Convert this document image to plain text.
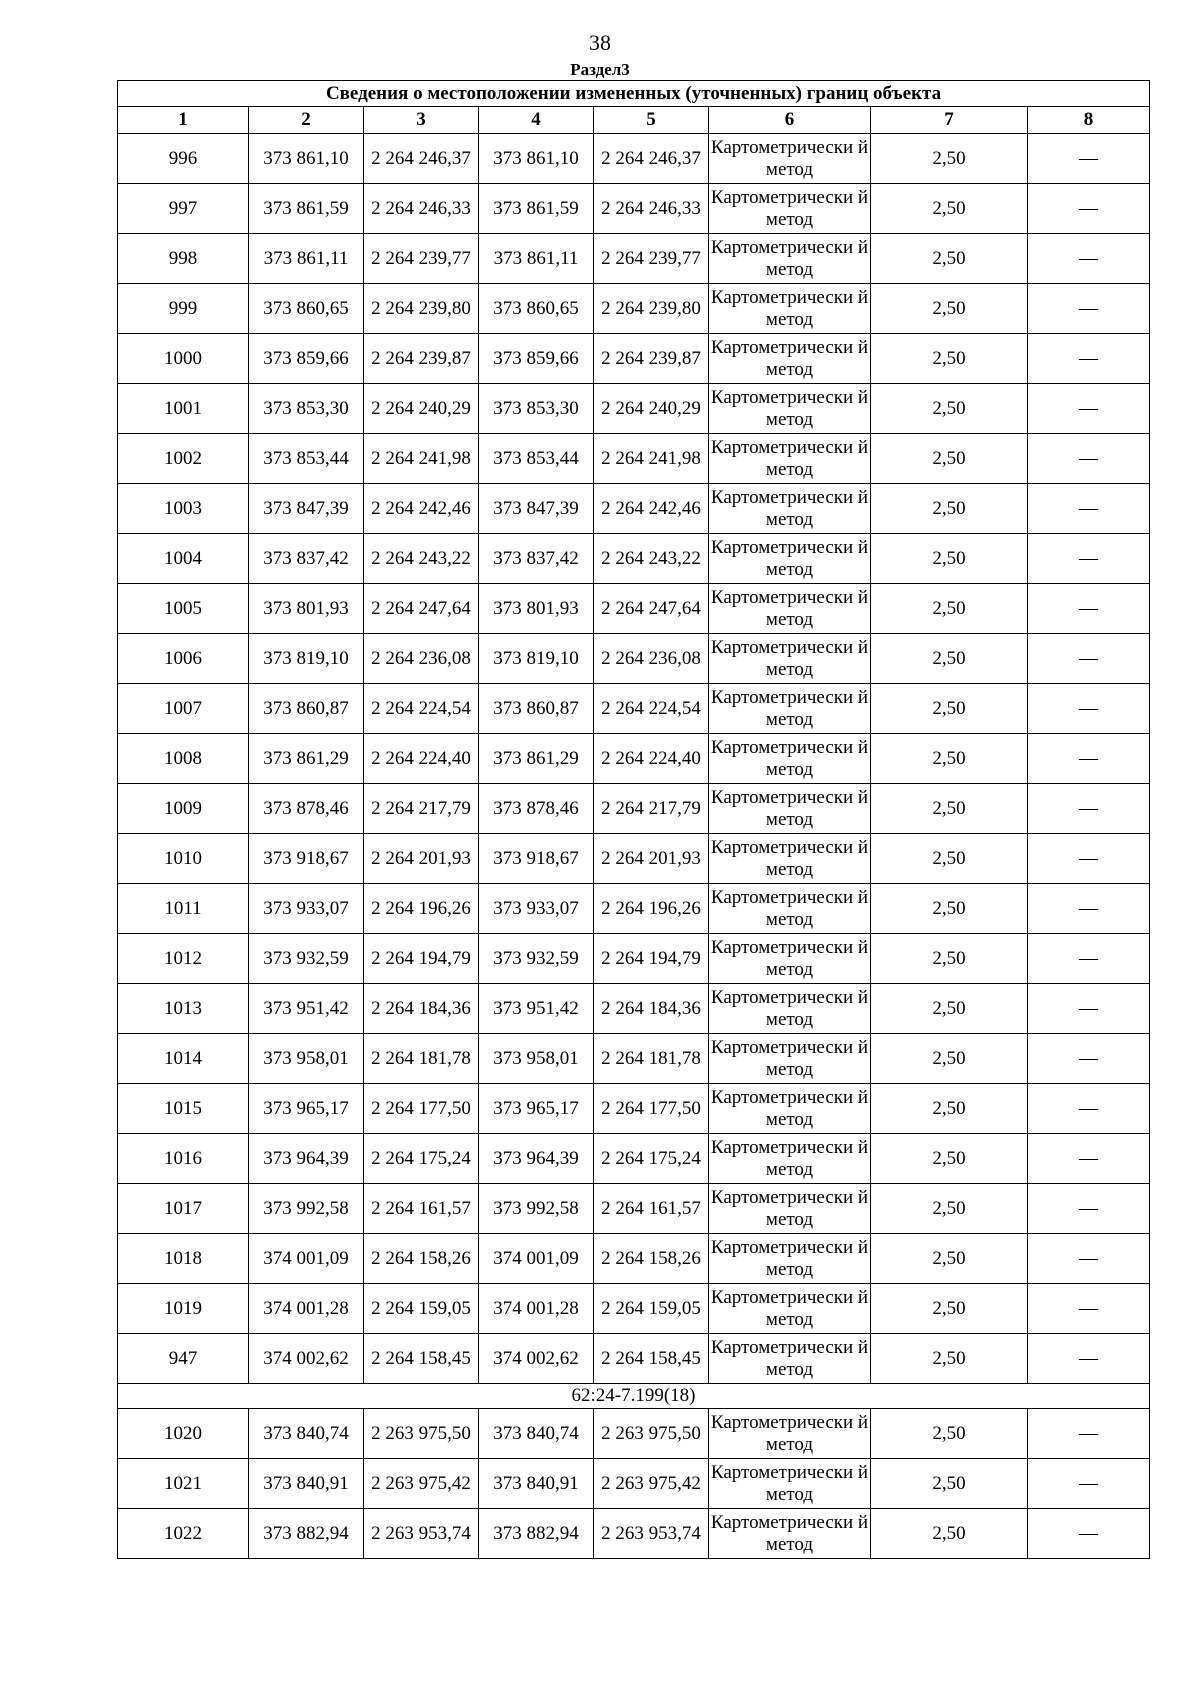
38
Раздел3
Сведения о местоположении измененных (уточненных) границ объекта							
1	2	3	4	5	6	7	8
996	373 861,10	2 264 246,37	373 861,10	2 264 246,37	Картометрически й метод	2,50	—
997	373 861,59	2 264 246,33	373 861,59	2 264 246,33	Картометрически й метод	2,50	—
998	373 861,11	2 264 239,77	373 861,11	2 264 239,77	Картометрически й метод	2,50	—
999	373 860,65	2 264 239,80	373 860,65	2 264 239,80	Картометрически й метод	2,50	—
1000	373 859,66	2 264 239,87	373 859,66	2 264 239,87	Картометрически й метод	2,50	—
1001	373 853,30	2 264 240,29	373 853,30	2 264 240,29	Картометрически й метод	2,50	—
1002	373 853,44	2 264 241,98	373 853,44	2 264 241,98	Картометрически й метод	2,50	—
1003	373 847,39	2 264 242,46	373 847,39	2 264 242,46	Картометрически й метод	2,50	—
1004	373 837,42	2 264 243,22	373 837,42	2 264 243,22	Картометрически й метод	2,50	—
1005	373 801,93	2 264 247,64	373 801,93	2 264 247,64	Картометрически й метод	2,50	—
1006	373 819,10	2 264 236,08	373 819,10	2 264 236,08	Картометрически й метод	2,50	—
1007	373 860,87	2 264 224,54	373 860,87	2 264 224,54	Картометрически й метод	2,50	—
1008	373 861,29	2 264 224,40	373 861,29	2 264 224,40	Картометрически й метод	2,50	—
1009	373 878,46	2 264 217,79	373 878,46	2 264 217,79	Картометрически й метод	2,50	—
1010	373 918,67	2 264 201,93	373 918,67	2 264 201,93	Картометрически й метод	2,50	—
1011	373 933,07	2 264 196,26	373 933,07	2 264 196,26	Картометрически й метод	2,50	—
1012	373 932,59	2 264 194,79	373 932,59	2 264 194,79	Картометрически й метод	2,50	—
1013	373 951,42	2 264 184,36	373 951,42	2 264 184,36	Картометрически й метод	2,50	—
1014	373 958,01	2 264 181,78	373 958,01	2 264 181,78	Картометрически й метод	2,50	—
1015	373 965,17	2 264 177,50	373 965,17	2 264 177,50	Картометрически й метод	2,50	—
1016	373 964,39	2 264 175,24	373 964,39	2 264 175,24	Картометрически й метод	2,50	—
1017	373 992,58	2 264 161,57	373 992,58	2 264 161,57	Картометрически й метод	2,50	—
1018	374 001,09	2 264 158,26	374 001,09	2 264 158,26	Картометрически й метод	2,50	—
1019	374 001,28	2 264 159,05	374 001,28	2 264 159,05	Картометрически й метод	2,50	—
947	374 002,62	2 264 158,45	374 002,62	2 264 158,45	Картометрически й метод	2,50	—
62:24-7.199(18)							
1020	373 840,74	2 263 975,50	373 840,74	2 263 975,50	Картометрически й метод	2,50	—
1021	373 840,91	2 263 975,42	373 840,91	2 263 975,42	Картометрически й метод	2,50	—
1022	373 882,94	2 263 953,74	373 882,94	2 263 953,74	Картометрически й метод	2,50	—
